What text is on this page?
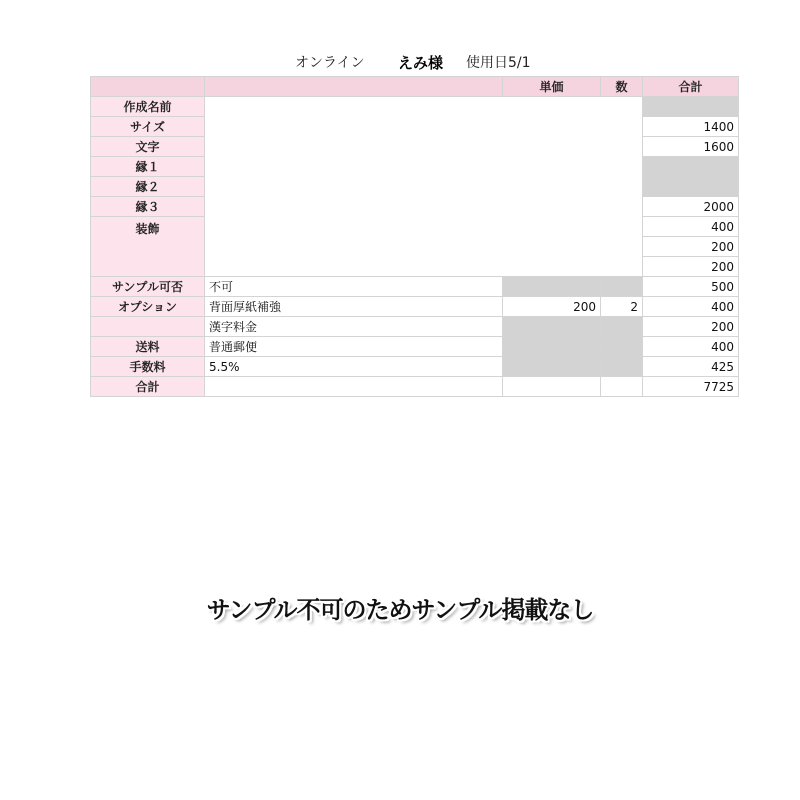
オンライン えみ様 使用日5/1
		単価	数	合計
作成名前				
サイズ				1400
文字				1600
縁１				
縁２				
縁３				2000
装飾				400
				200
				200
サンプル可否	不可			500
オプション	背面厚紙補強	200	2	400
	漢字料金			200
送料	普通郵便			400
手数料	5.5%			425
合計				7725
サンプル不可のためサンプル掲載なし
